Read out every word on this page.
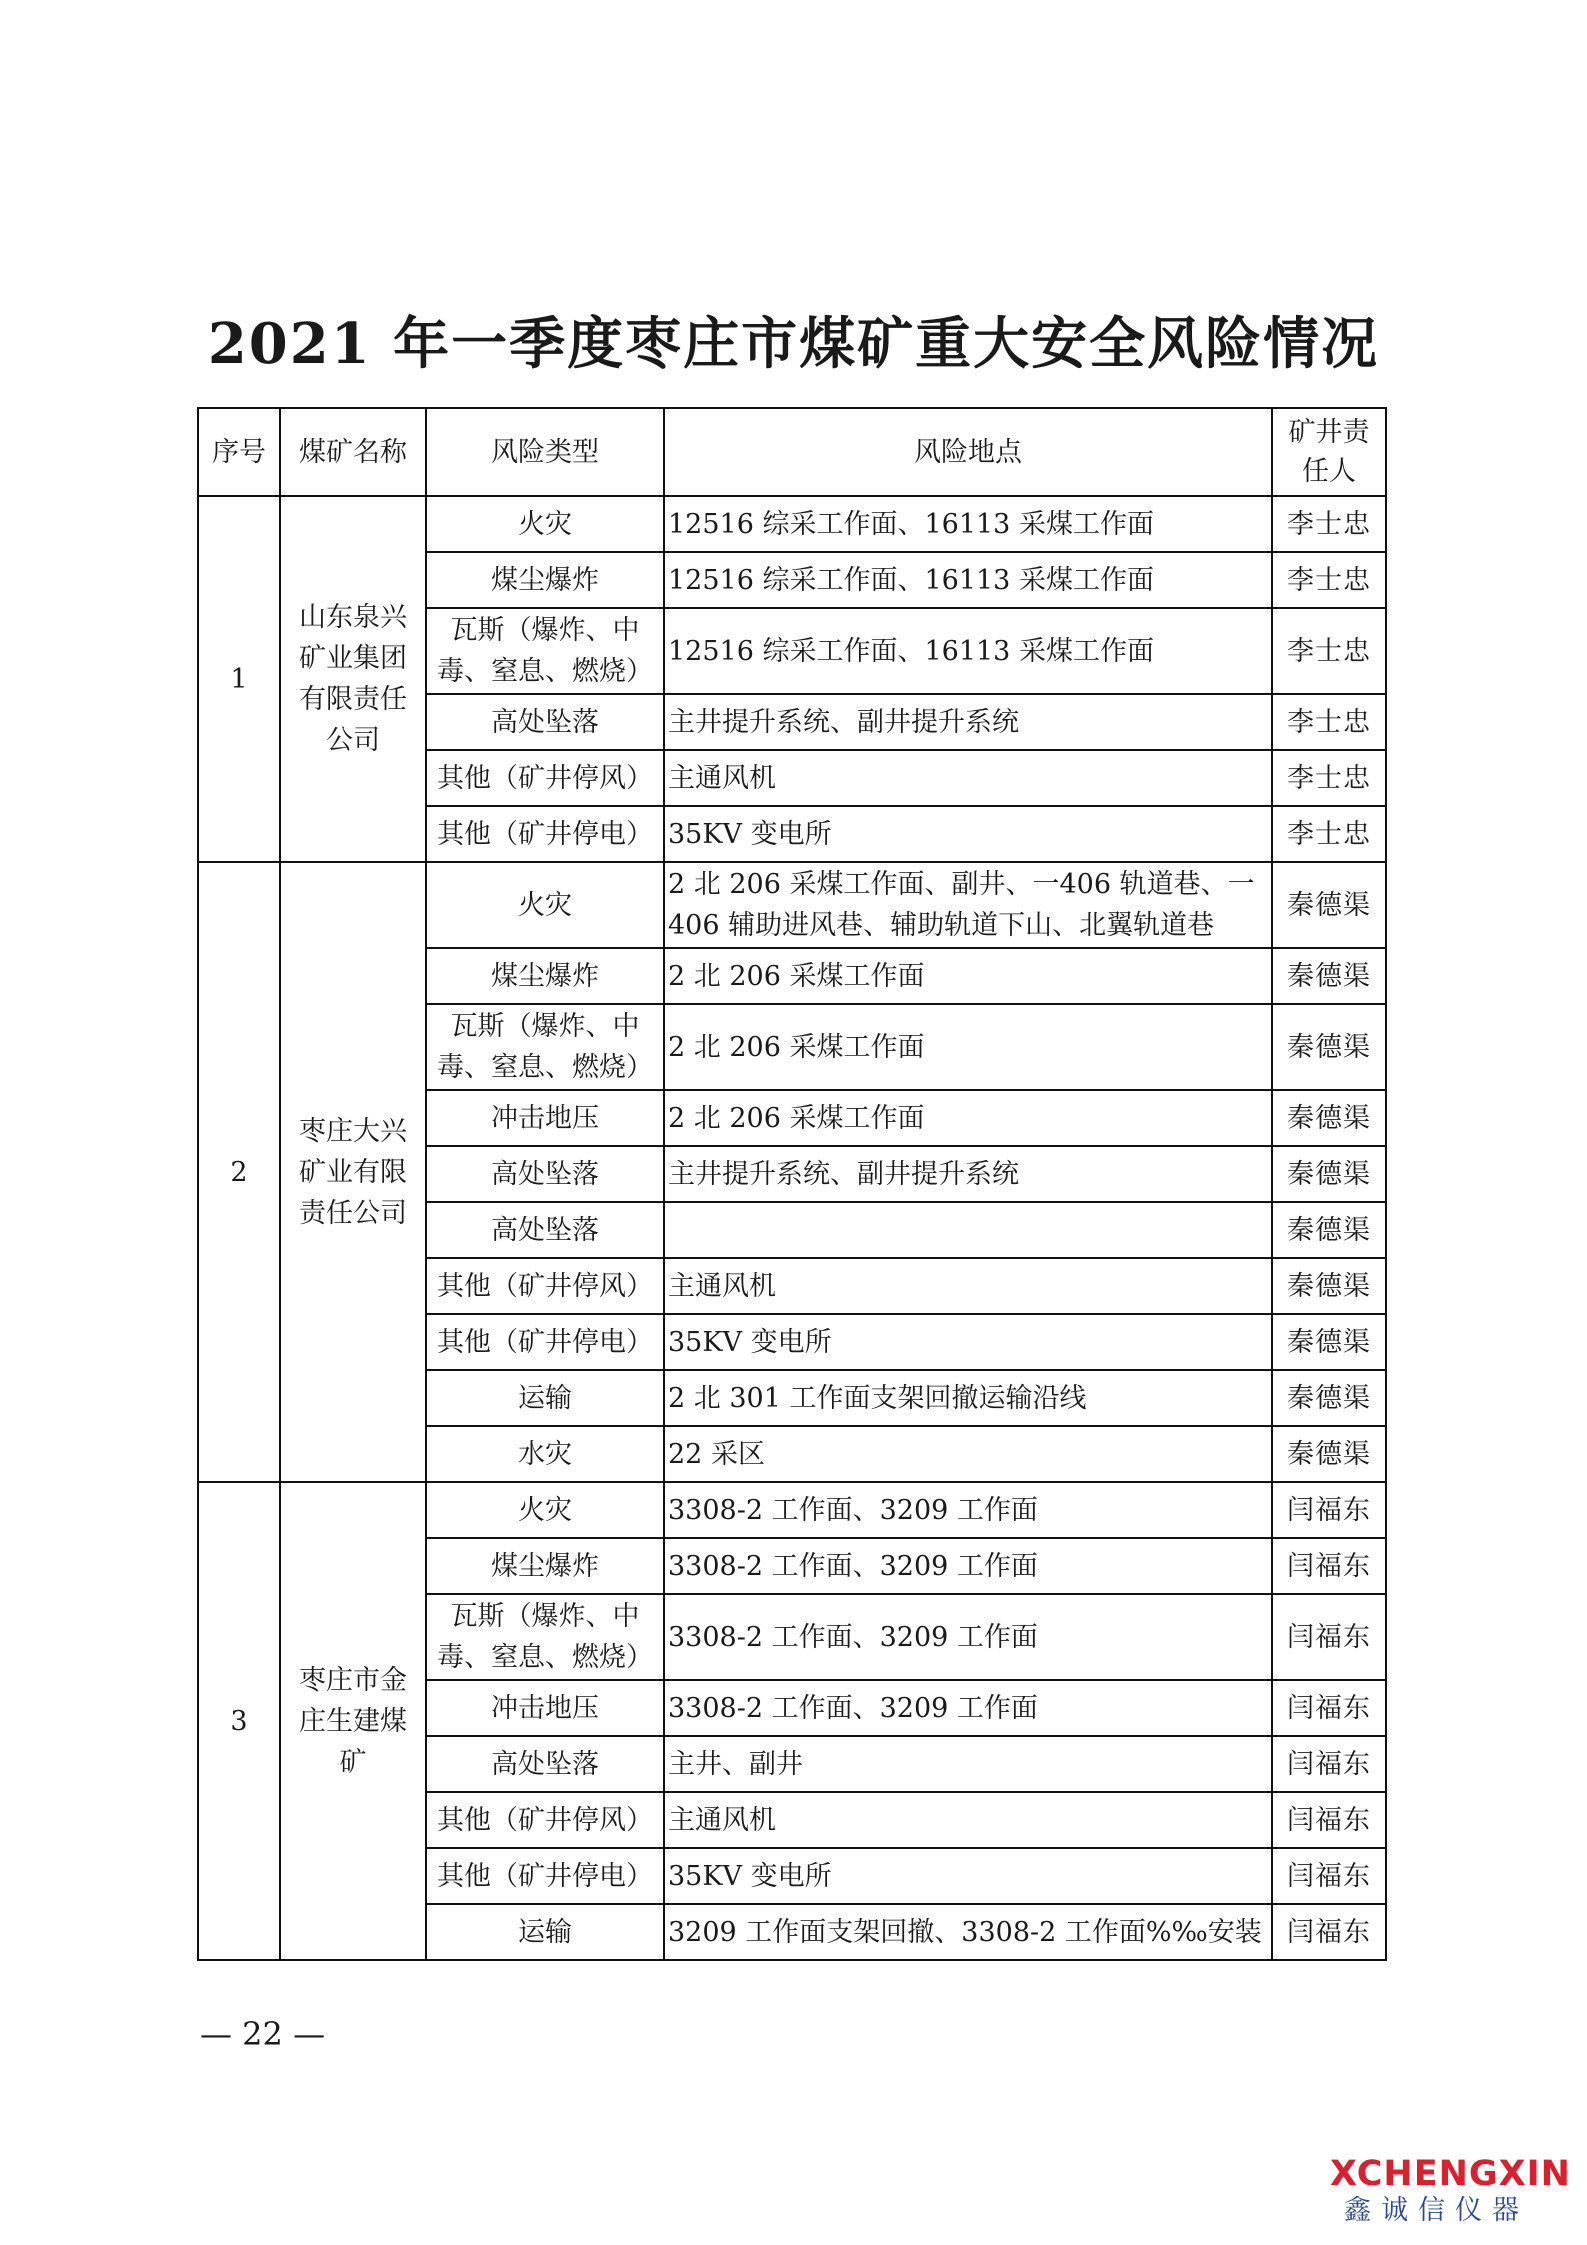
2021 年一季度枣庄市煤矿重大安全风险情况
序号	煤矿名称	风险类型	风险地点	矿井责任人
1	山东泉兴矿业集团有限责任公司	火灾	12516 综采工作面、16113 采煤工作面	李士忠
		煤尘爆炸	12516 综采工作面、16113 采煤工作面	李士忠
		瓦斯（爆炸、中毒、窒息、燃烧）	12516 综采工作面、16113 采煤工作面	李士忠
		高处坠落	主井提升系统、副井提升系统	李士忠
		其他（矿井停风）	主通风机	李士忠
		其他（矿井停电）	35KV 变电所	李士忠
2	枣庄大兴矿业有限责任公司	火灾	2 北 206 采煤工作面、副井、一406 轨道巷、一406 辅助进风巷、辅助轨道下山、北翼轨道巷	秦德渠
		煤尘爆炸	2 北 206 采煤工作面	秦德渠
		瓦斯（爆炸、中毒、窒息、燃烧）	2 北 206 采煤工作面	秦德渠
		冲击地压	2 北 206 采煤工作面	秦德渠
		高处坠落	主井提升系统、副井提升系统	秦德渠
		高处坠落		秦德渠
		其他（矿井停风）	主通风机	秦德渠
		其他（矿井停电）	35KV 变电所	秦德渠
		运输	2 北 301 工作面支架回撤运输沿线	秦德渠
		水灾	22 采区	秦德渠
3	枣庄市金庄生建煤矿	火灾	3308-2 工作面、3209 工作面	闫福东
		煤尘爆炸	3308-2 工作面、3209 工作面	闫福东
		瓦斯（爆炸、中毒、窒息、燃烧）	3308-2 工作面、3209 工作面	闫福东
		冲击地压	3308-2 工作面、3209 工作面	闫福东
		高处坠落	主井、副井	闫福东
		其他（矿井停风）	主通风机	闫福东
		其他（矿井停电）	35KV 变电所	闫福东
		运输	3209 工作面支架回撤、3308-2 工作面%‰安装	闫福东
— 22 —
XCHENGXIN
鑫诚信仪器
